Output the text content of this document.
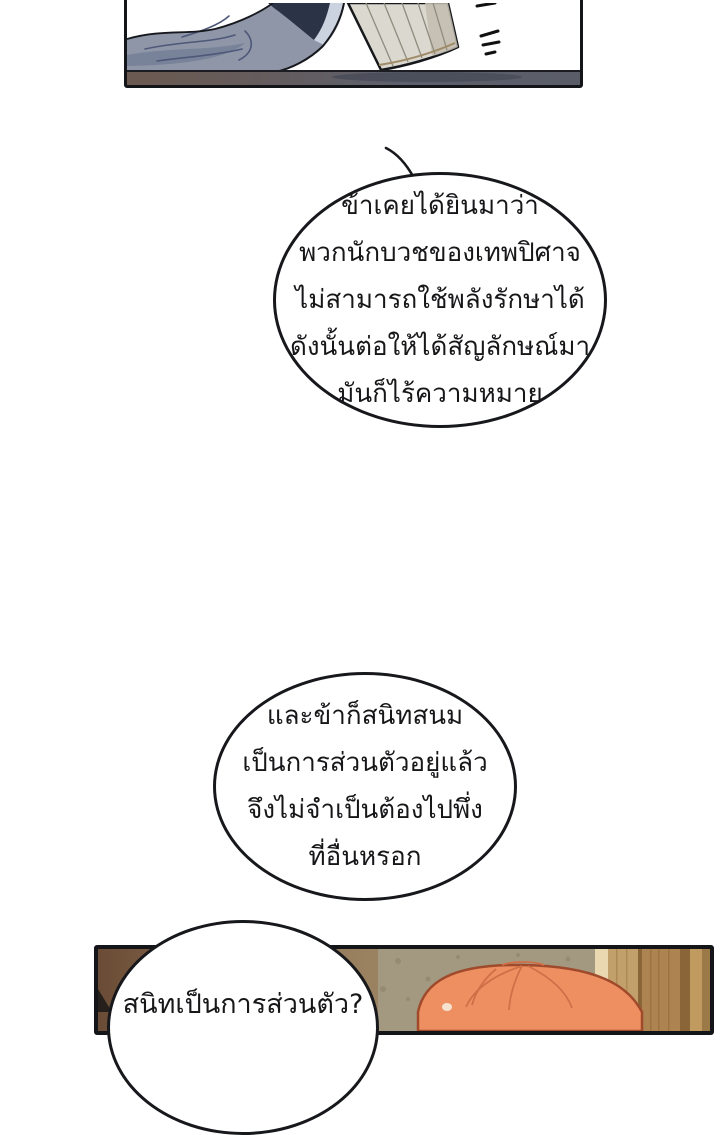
ข้าเคยได้ยินมาว่า
พวกนักบวชของเทพปิศาจ
ไม่สามารถใช้พลังรักษาได้
ดังนั้นต่อให้ได้สัญลักษณ์มา
มันก็ไร้ความหมาย
และข้าก็สนิทสนม
เป็นการส่วนตัวอยู่แล้ว
จึงไม่จำเป็นต้องไปพึ่ง
ที่อื่นหรอก
สนิทเป็นการส่วนตัว?
